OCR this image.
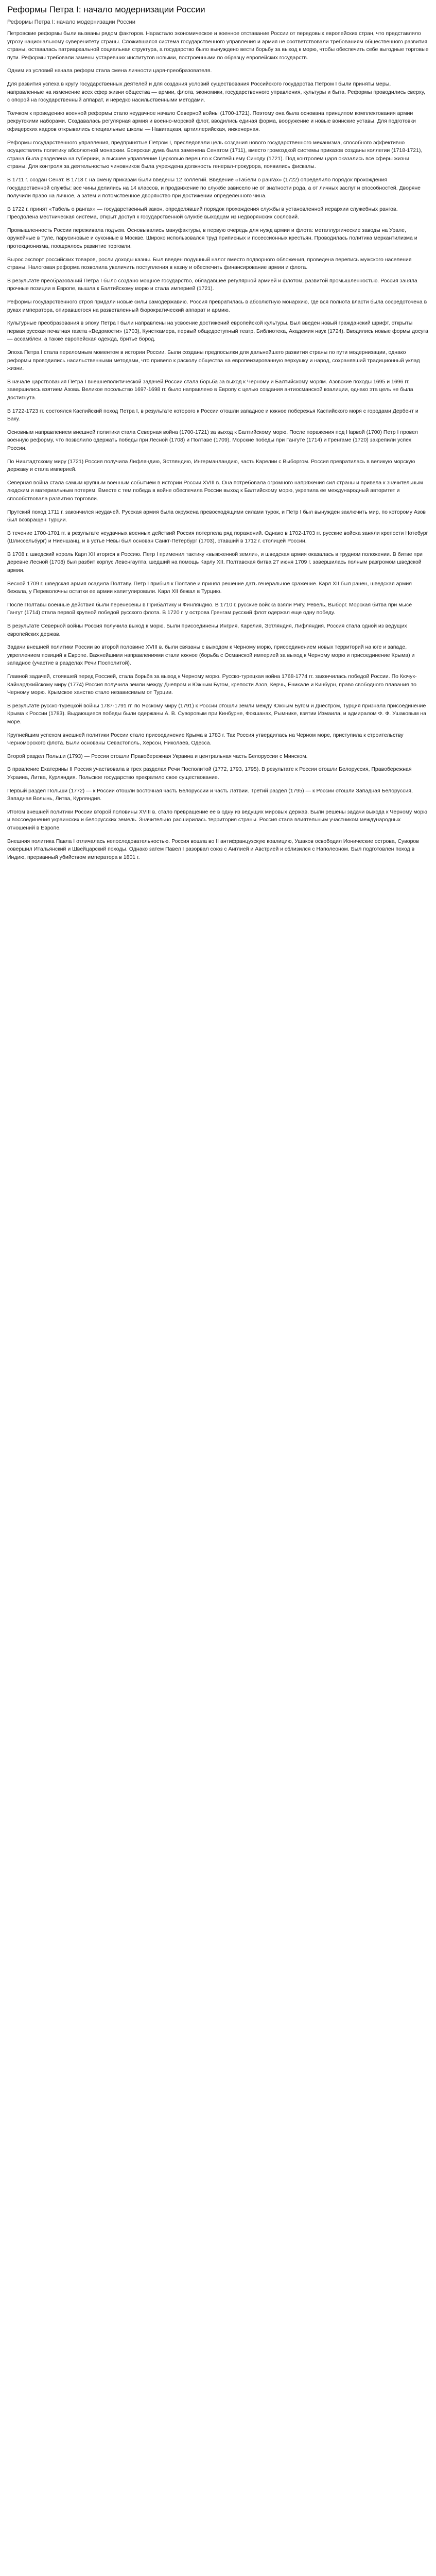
Реформы Петра I: начало модернизации России
Реформы Петра I: начало модернизации России

Петровские реформы были вызваны рядом факторов. Нарастало экономическое и военное отставание России от передовых европейских стран, что представляло угрозу национальному суверенитету страны. Сложившаяся система государственного управления и армия не соответствовали требованиям общественного развития страны, оставалась патриархальной социальная структура, а государство было вынуждено вести борьбу за выход к морю, чтобы обеспечить себе выгодные торговые пути. Реформы требовали замены устаревших институтов новыми, построенными по образцу европейских государств.

Одним из условий начала реформ стала смена личности царя-преобразователя.

Для развития успеха в кругу государственных деятелей и для создания условий существования Российского государства Петром I были приняты меры, направленные на изменение всех сфер жизни общества — армии, флота, экономики, государственного управления, культуры и быта. Реформы проводились сверху, с опорой на государственный аппарат, и нередко насильственными методами.

Толчком к проведению военной реформы стало неудачное начало Северной войны (1700-1721). Поэтому она была основана принципом комплектования армии рекрутскими наборами. Создавалась регулярная армия и военно-морской флот, вводились единая форма, вооружение и новые воинские уставы. Для подготовки офицерских кадров открывались специальные школы — Навигацкая, артиллерийская, инженерная.

Реформы государственного управления, предпринятые Петром I, преследовали цель создания нового государственного механизма, способного эффективно осуществлять политику абсолютной монархии. Боярская дума была заменена Сенатом (1711), вместо громоздкой системы приказов созданы коллегии (1718-1721), страна была разделена на губернии, а высшее управление Церковью перешло к Святейшему Синоду (1721). Под контролем царя оказались все сферы жизни страны. Для контроля за деятельностью чиновников была учреждена должность генерал-прокурора, появились фискалы.

В 1711 г. создан Сенат. В 1718 г. на смену приказам были введены 12 коллегий. Введение «Табели о рангах» (1722) определило порядок прохождения государственной службы: все чины делились на 14 классов, и продвижение по службе зависело не от знатности рода, а от личных заслуг и способностей. Дворяне получили право на личное, а затем и потомственное дворянство при достижении определенного чина.

В 1722 г. принят «Табель о рангах» — государственный закон, определявший порядок прохождения службы в установленной иерархии служебных рангов. Преодолена местническая система, открыт доступ к государственной службе выходцам из недворянских сословий.

Промышленность России переживала подъем. Основывались мануфактуры, в первую очередь для нужд армии и флота: металлургические заводы на Урале, оружейные в Туле, парусиновые и суконные в Москве. Широко использовался труд приписных и посессионных крестьян. Проводилась политика меркантилизма и протекционизма, поощрялось развитие торговли.

Вырос экспорт российских товаров, росли доходы казны. Был введен подушный налог вместо подворного обложения, проведена перепись мужского населения страны. Налоговая реформа позволила увеличить поступления в казну и обеспечить финансирование армии и флота.

В результате преобразований Петра I было создано мощное государство, обладавшее регулярной армией и флотом, развитой промышленностью. Россия заняла прочные позиции в Европе, вышла к Балтийскому морю и стала империей (1721).

Реформы государственного строя придали новые силы самодержавию. Россия превратилась в абсолютную монархию, где вся полнота власти была сосредоточена в руках императора, опиравшегося на разветвленный бюрократический аппарат и армию.

Культурные преобразования в эпоху Петра I были направлены на усвоение достижений европейской культуры. Был введен новый гражданский шрифт, открыты первая русская печатная газета «Ведомости» (1703), Кунсткамера, первый общедоступный театр, Библиотека, Академия наук (1724). Вводились новые формы досуга — ассамблеи, а также европейская одежда, бритье бород.

Эпоха Петра I стала переломным моментом в истории России. Были созданы предпосылки для дальнейшего развития страны по пути модернизации, однако реформы проводились насильственными методами, что привело к расколу общества на европеизированную верхушку и народ, сохранявший традиционный уклад жизни.

В начале царствования Петра I внешнеполитической задачей России стала борьба за выход к Черному и Балтийскому морям. Азовские походы 1695 и 1696 гг. завершились взятием Азова. Великое посольство 1697-1698 гг. было направлено в Европу с целью создания антиосманской коалиции, однако эта цель не была достигнута.

В 1722-1723 гг. состоялся Каспийский поход Петра I, в результате которого к России отошли западное и южное побережья Каспийского моря с городами Дербент и Баку.

Основным направлением внешней политики стала Северная война (1700-1721) за выход к Балтийскому морю. После поражения под Нарвой (1700) Петр I провел военную реформу, что позволило одержать победы при Лесной (1708) и Полтаве (1709). Морские победы при Гангуте (1714) и Гренгаме (1720) закрепили успех России.

По Ништадтскому миру (1721) Россия получила Лифляндию, Эстляндию, Ингерманландию, часть Карелии с Выборгом. Россия превратилась в великую морскую державу и стала империей.

Северная война стала самым крупным военным событием в истории России XVIII в. Она потребовала огромного напряжения сил страны и привела к значительным людским и материальным потерям. Вместе с тем победа в войне обеспечила России выход к Балтийскому морю, укрепила ее международный авторитет и способствовала развитию торговли.

Прутский поход 1711 г. закончился неудачей. Русская армия была окружена превосходящими силами турок, и Петр I был вынужден заключить мир, по которому Азов был возвращен Турции.

В течение 1700-1701 гг. в результате неудачных военных действий Россия потерпела ряд поражений. Однако в 1702-1703 гг. русские войска заняли крепости Нотебург (Шлиссельбург) и Ниеншанц, и в устье Невы был основан Санкт-Петербург (1703), ставший в 1712 г. столицей России.

В 1708 г. шведский король Карл XII вторгся в Россию. Петр I применил тактику «выжженной земли», и шведская армия оказалась в трудном положении. В битве при деревне Лесной (1708) был разбит корпус Левенгаупта, шедший на помощь Карлу XII. Полтавская битва 27 июня 1709 г. завершилась полным разгромом шведской армии.

Весной 1709 г. шведская армия осадила Полтаву. Петр I прибыл к Полтаве и принял решение дать генеральное сражение. Карл XII был ранен, шведская армия бежала, у Переволочны остатки ее армии капитулировали. Карл XII бежал в Турцию.

После Полтавы военные действия были перенесены в Прибалтику и Финляндию. В 1710 г. русские войска взяли Ригу, Ревель, Выборг. Морская битва при мысе Гангут (1714) стала первой крупной победой русского флота. В 1720 г. у острова Гренгам русский флот одержал еще одну победу.

В результате Северной войны Россия получила выход к морю. Были присоединены Ингрия, Карелия, Эстляндия, Лифляндия. Россия стала одной из ведущих европейских держав.

Задачи внешней политики России во второй половине XVIII в. были связаны с выходом к Черному морю, присоединением новых территорий на юге и западе, укреплением позиций в Европе. Важнейшими направлениями стали южное (борьба с Османской империей за выход к Черному морю и присоединение Крыма) и западное (участие в разделах Речи Посполитой).

Главной задачей, стоявшей перед Россией, стала борьба за выход к Черному морю. Русско-турецкая война 1768-1774 гг. закончилась победой России. По Кючук-Кайнарджийскому миру (1774) Россия получила земли между Днепром и Южным Бугом, крепости Азов, Керчь, Еникале и Кинбурн, право свободного плавания по Черному морю. Крымское ханство стало независимым от Турции.

В результате русско-турецкой войны 1787-1791 гг. по Ясскому миру (1791) к России отошли земли между Южным Бугом и Днестром, Турция признала присоединение Крыма к России (1783). Выдающиеся победы были одержаны А. В. Суворовым при Кинбурне, Фокшанах, Рымнике, взятии Измаила, и адмиралом Ф. Ф. Ушаковым на море.

Крупнейшим успехом внешней политики России стало присоединение Крыма в 1783 г. Так Россия утвердилась на Черном море, приступила к строительству Черноморского флота. Были основаны Севастополь, Херсон, Николаев, Одесса.

Второй раздел Польши (1793) — России отошли Правобережная Украина и центральная часть Белоруссии с Минском.

В правление Екатерины II Россия участвовала в трех разделах Речи Посполитой (1772, 1793, 1795). В результате к России отошли Белоруссия, Правобережная Украина, Литва, Курляндия. Польское государство прекратило свое существование.

Первый раздел Польши (1772) — к России отошли восточная часть Белоруссии и часть Латвии. Третий раздел (1795) — к России отошли Западная Белоруссия, Западная Волынь, Литва, Курляндия.

Итогом внешней политики России второй половины XVIII в. стало превращение ее в одну из ведущих мировых держав. Были решены задачи выхода к Черному морю и воссоединения украинских и белорусских земель. Значительно расширилась территория страны. Россия стала влиятельным участником международных отношений в Европе.

Внешняя политика Павла I отличалась непоследовательностью. Россия вошла во II антифранцузскую коалицию, Ушаков освободил Ионические острова, Суворов совершил Итальянский и Швейцарский походы. Однако затем Павел I разорвал союз с Англией и Австрией и сблизился с Наполеоном. Был подготовлен поход в Индию, прерванный убийством императора в 1801 г.
